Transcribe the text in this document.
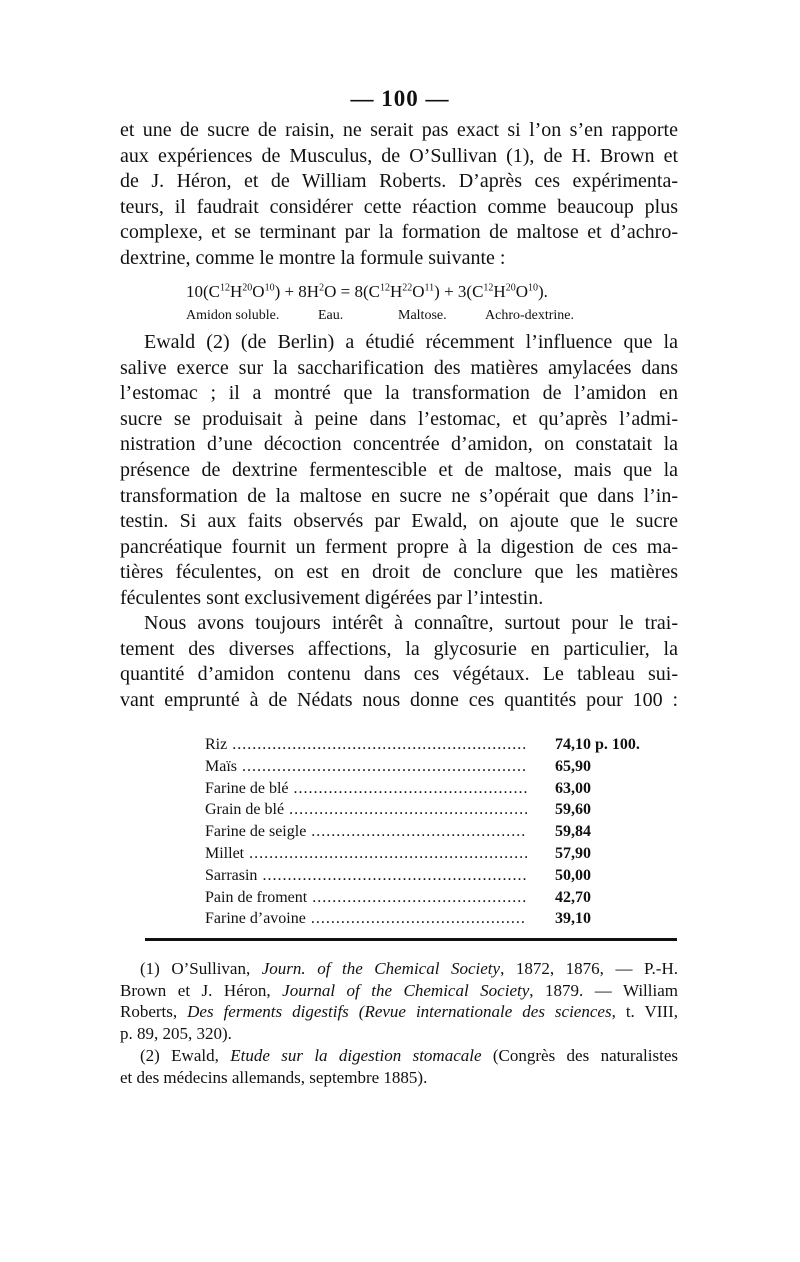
— 100 —

et une de sucre de raisin, ne serait pas exact si l’on s’en rapporte
aux expériences de Musculus, de O’Sullivan (1), de H. Brown et
de J. Héron, et de William Roberts. D’après ces expérimenta-
teurs, il faudrait considérer cette réaction comme beaucoup plus
complexe, et se terminant par la formation de maltose et d’achro-
dextrine, comme le montre la formule suivante :

$10(C^{12}H^{20}O^{10}) + 8H^2O = 8(C^{12}H^{22}O^{11}) + 3(C^{12}H^{20}O^{10})$.
Amidon soluble.	Eau.	Maltose.	Achro-dextrine.

Ewald (2) (de Berlin) a étudié récemment l’influence que la
salive exerce sur la saccharification des matières amylacées dans
l’estomac ; il a montré que la transformation de l’amidon en
sucre se produisait à peine dans l’estomac, et qu’après l’admi-
nistration d’une décoction concentrée d’amidon, on constatait la
présence de dextrine fermentescible et de maltose, mais que la
transformation de la maltose en sucre ne s’opérait que dans l’in-
testin. Si aux faits observés par Ewald, on ajoute que le sucre
pancréatique fournit un ferment propre à la digestion de ces ma-
tières féculentes, on est en droit de conclure que les matières
féculentes sont exclusivement digérées par l’intestin.

Nous avons toujours intérêt à connaître, surtout pour le trai-
tement des diverses affections, la glycosurie en particulier, la
quantité d’amidon contenu dans ces végétaux. Le tableau sui-
vant emprunté à de Nédats nous donne ces quantités pour 100 :

Riz .....	74,10 p. 100.
Maïs .....	65,90
Farine de blé .....	63,00
Grain de blé .....	59,60
Farine de seigle .....	59,84
Millet .....	57,90
Sarrasin .....	50,00
Pain de froment .....	42,70
Farine d’avoine .....	39,10
(1) O’Sullivan, Journ. of the Chemical Society, 1872, 1876, — P.-H.
Brown et J. Héron, Journal of the Chemical Society, 1879. — William
Roberts, Des ferments digestifs (Revue internationale des sciences, t. VIII,
p. 89, 205, 320).
(2) Ewald, Etude sur la digestion stomacale (Congrès des naturalistes
et des médecins allemands, septembre 1885).
